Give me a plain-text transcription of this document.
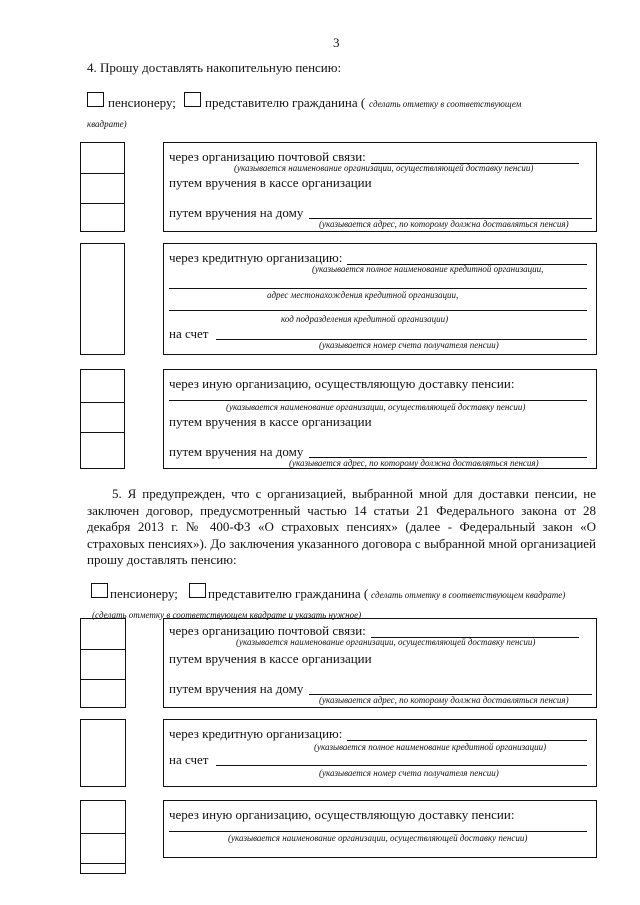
3
4. Прошу доставлять накопительную пенсию:
пенсионеру; представителю гражданина ( сделать отметку в соответствующем
квадрате)
через организацию почтовой связи:
(указывается наименование организации, осуществляющей доставку пенсии)
путем вручения в кассе организации
путем вручения на дому
(указывается адрес, по которому должна доставляться пенсия)
через кредитную организацию:
(указывается полное наименование кредитной организации,
адрес местонахождения кредитной организации,
код подразделения кредитной организации)
на счет
(указывается номер счета получателя пенсии)
через иную организацию, осуществляющую доставку пенсии:
(указывается наименование организации, осуществляющей доставку пенсии)
путем вручения в кассе организации
путем вручения на дому
(указывается адрес, по которому должна доставляться пенсия)
5. Я предупрежден, что с организацией, выбранной мной для доставки пенсии, не заключен договор, предусмотренный частью 14 статьи 21 Федерального закона от 28 декабря 2013 г. № 400-ФЗ «О страховых пенсиях» (далее - Федеральный закон «О страховых пенсиях»). До заключения указанного договора с выбранной мной организацией прошу доставлять пенсию:
пенсионеру; представителю гражданина ( сделать отметку в соответствующем квадрате)
(сделать отметку в соответствующем квадрате и указать нужное)
через организацию почтовой связи:
(указывается наименование организации, осуществляющей доставку пенсии)
путем вручения в кассе организации
путем вручения на дому
(указывается адрес, по которому должна доставляться пенсия)
через кредитную организацию:
(указывается полное наименование кредитной организации)
на счет
(указывается номер счета получателя пенсии)
через иную организацию, осуществляющую доставку пенсии:
(указывается наименование организации, осуществляющей доставку пенсии)
